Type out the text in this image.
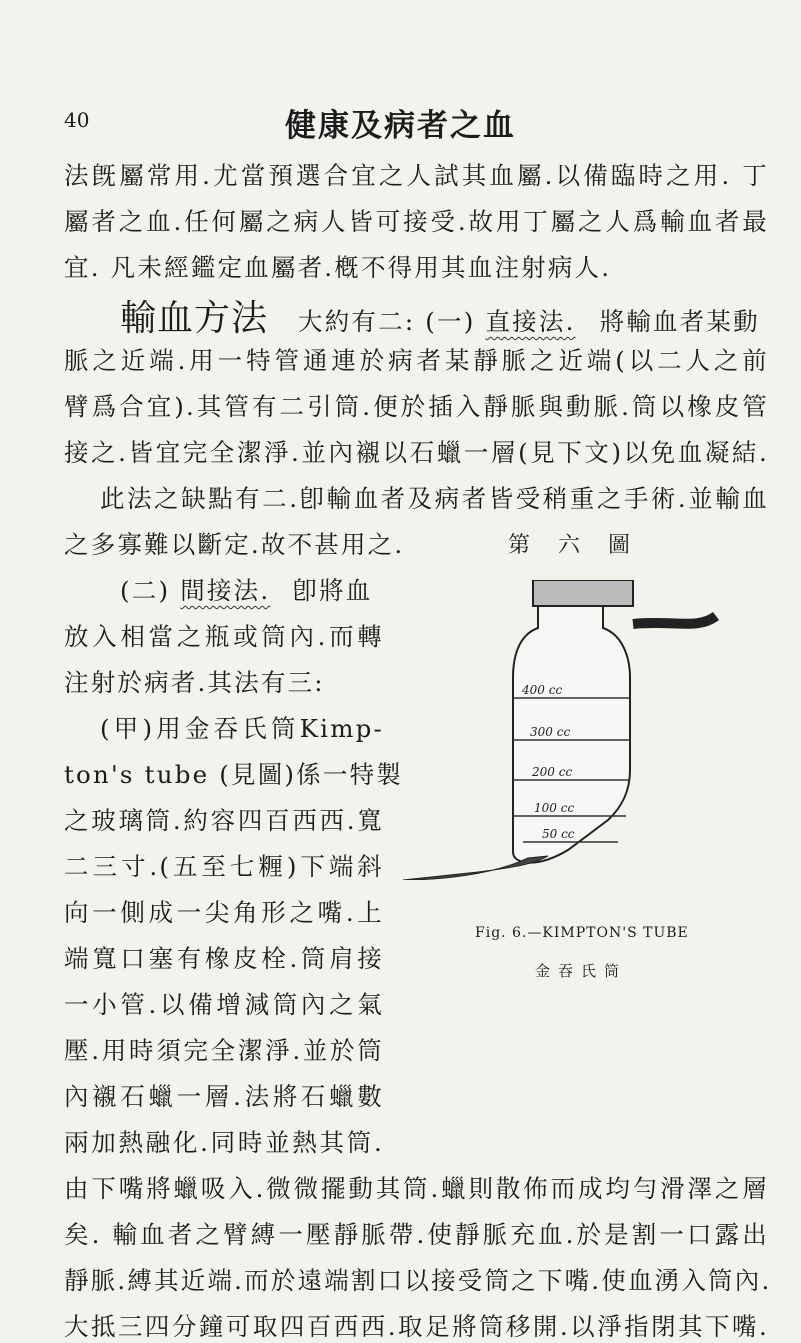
40	健康及病者之血
法旣屬常用.尤當預選合宜之人試其血屬.以備臨時之用. 丁
屬者之血.任何屬之病人皆可接受.故用丁屬之人爲輸血者最
宜. 凡未經鑑定血屬者.槪不得用其血注射病人.
輸血方法 大約有二: (一) 直接法. 將輸血者某動
脈之近端.用一特管通連於病者某靜脈之近端(以二人之前
臂爲合宜).其管有二引筒.便於插入靜脈與動脈.筒以橡皮管
接之.皆宜完全潔淨.並內襯以石蠟一層(見下文)以免血凝結.
此法之缺點有二.卽輸血者及病者皆受稍重之手術.並輸血
之多寡難以斷定.故不甚用之.
(二) 間接法. 卽將血
放入相當之瓶或筒內.而轉
注射於病者.其法有三:
(甲)用金吞氏筒Kimp-
ton's tube (見圖)係一特製
之玻璃筒.約容四百西西.寬
二三寸.(五至七糎)下端斜
向一側成一尖角形之嘴.上
端寬口塞有橡皮栓.筒肩接
一小管.以備增減筒內之氣
壓.用時須完全潔淨.並於筒
內襯石蠟一層.法將石蠟數
兩加熱融化.同時並熱其筒.
由下嘴將蠟吸入.微微擺動其筒.蠟則散佈而成均勻滑澤之層
矣. 輸血者之臂縛一壓靜脈帶.使靜脈充血.於是割一口露出
靜脈.縛其近端.而於遠端割口以接受筒之下嘴.使血湧入筒內.
大抵三四分鐘可取四百西西.取足將筒移開.以淨指閉其下嘴.
第六圖
400 cc
300 cc
200 cc
100 cc
50 cc
Fig. 6.—KIMPTON'S TUBE
金吞氏筒
